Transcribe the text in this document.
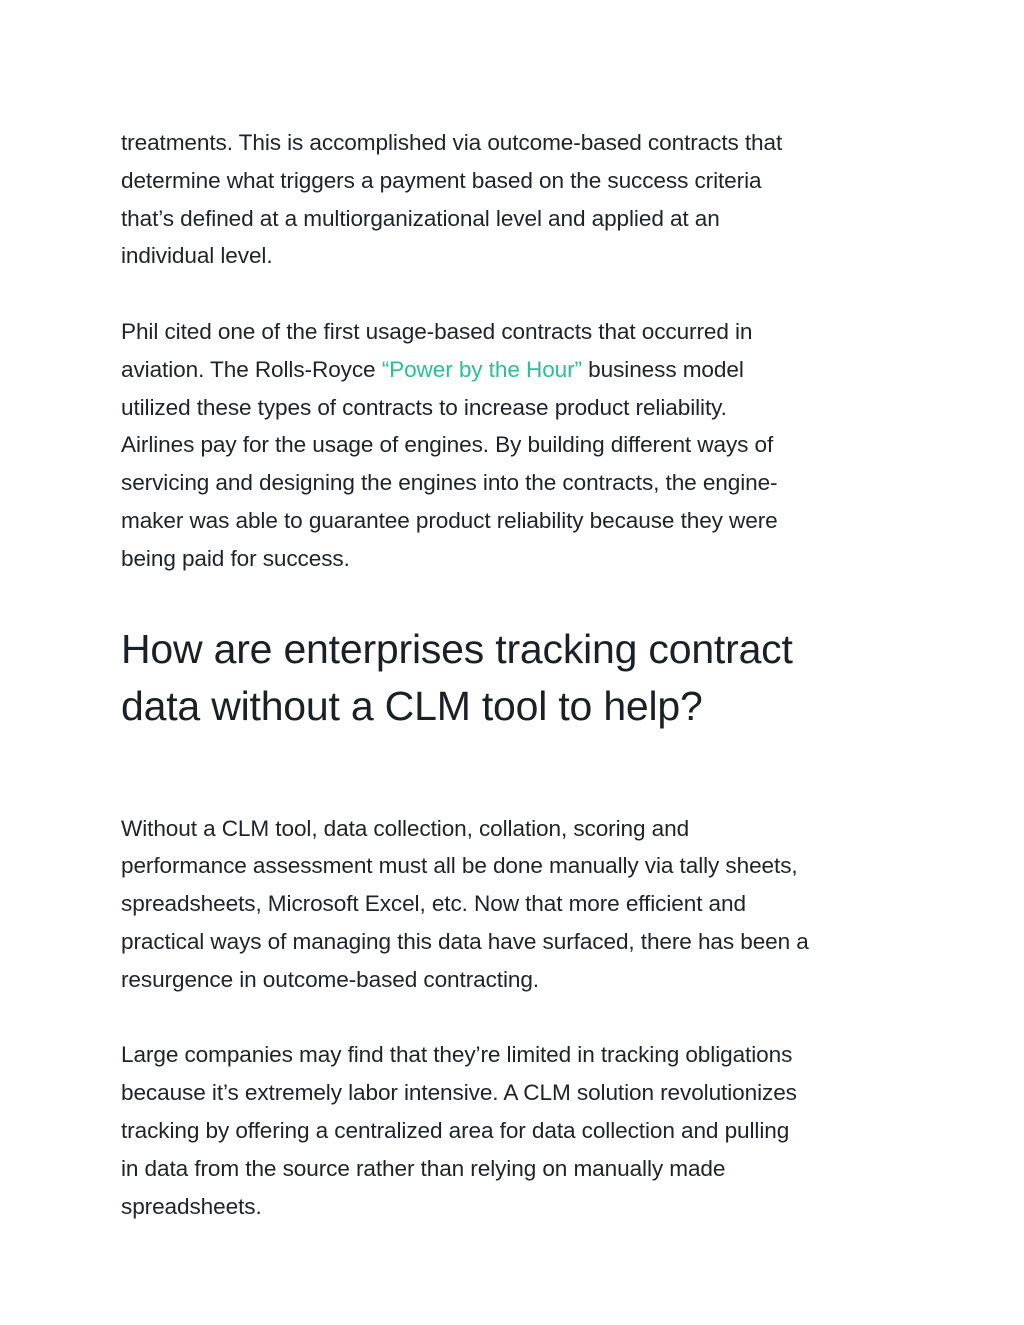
treatments. This is accomplished via outcome-based contracts that
determine what triggers a payment based on the success criteria
that’s defined at a multiorganizational level and applied at an
individual level.

Phil cited one of the first usage-based contracts that occurred in
aviation. The Rolls-Royce “Power by the Hour” business model
utilized these types of contracts to increase product reliability.
Airlines pay for the usage of engines. By building different ways of
servicing and designing the engines into the contracts, the engine-
maker was able to guarantee product reliability because they were
being paid for success.

How are enterprises tracking contract
data without a CLM tool to help?

Without a CLM tool, data collection, collation, scoring and
performance assessment must all be done manually via tally sheets,
spreadsheets, Microsoft Excel, etc. Now that more efficient and
practical ways of managing this data have surfaced, there has been a
resurgence in outcome-based contracting.

Large companies may find that they’re limited in tracking obligations
because it’s extremely labor intensive. A CLM solution revolutionizes
tracking by offering a centralized area for data collection and pulling
in data from the source rather than relying on manually made
spreadsheets.
